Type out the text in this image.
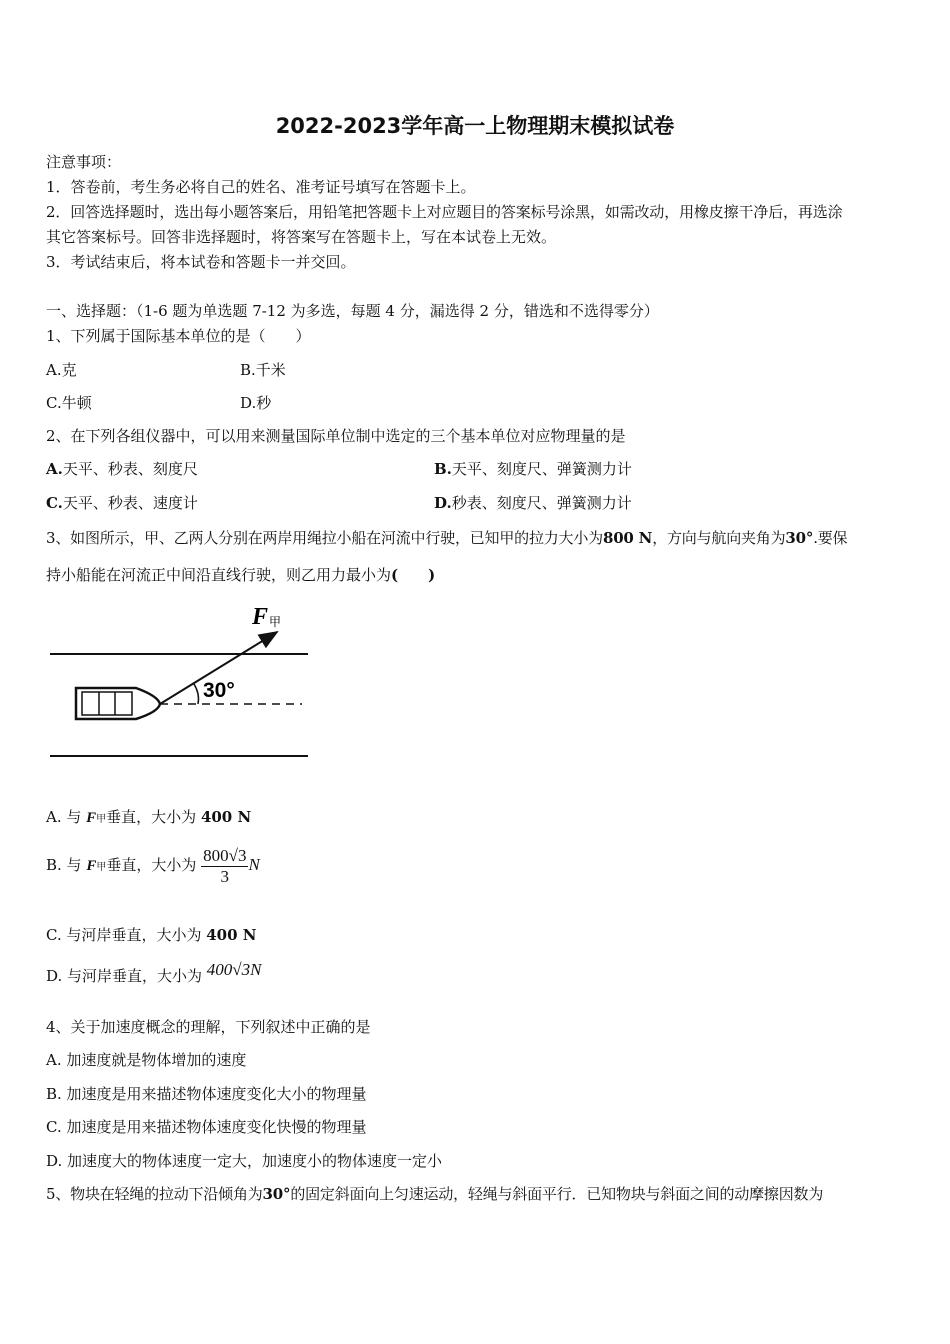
2022-2023学年高一上物理期末模拟试卷
注意事项：
1．答卷前，考生务必将自己的姓名、准考证号填写在答题卡上。
2．回答选择题时，选出每小题答案后，用铅笔把答题卡上对应题目的答案标号涂黑，如需改动，用橡皮擦干净后，再选涂
其它答案标号。回答非选择题时，将答案写在答题卡上，写在本试卷上无效。
3．考试结束后，将本试卷和答题卡一并交回。
一、选择题：（1-6 题为单选题 7-12 为多选，每题 4 分，漏选得 2 分，错选和不选得零分）
1、下列属于国际基本单位的是（　　）
A.克	B.千米
C.牛顿	D.秒
2、在下列各组仪器中，可以用来测量国际单位制中选定的三个基本单位对应物理量的是
A.天平、秒表、刻度尺	B.天平、刻度尺、弹簧测力计
C.天平、秒表、速度计	D.秒表、刻度尺、弹簧测力计
3、如图所示，甲、乙两人分别在两岸用绳拉小船在河流中行驶，已知甲的拉力大小为800 N，方向与航向夹角为30°.要保
持小船能在河流正中间沿直线行驶，则乙用力最小为(　　)
30°
F 甲
A. 与 F甲垂直，大小为 400 N
B. 与 F甲垂直，大小为 $\frac{800√3}{3}$ N
C. 与河岸垂直，大小为 400 N
D. 与河岸垂直，大小为 400√3N
4、关于加速度概念的理解，下列叙述中正确的是
A. 加速度就是物体增加的速度
B. 加速度是用来描述物体速度变化大小的物理量
C. 加速度是用来描述物体速度变化快慢的物理量
D. 加速度大的物体速度一定大，加速度小的物体速度一定小
5、物块在轻绳的拉动下沿倾角为30°的固定斜面向上匀速运动，轻绳与斜面平行．已知物块与斜面之间的动摩擦因数为
